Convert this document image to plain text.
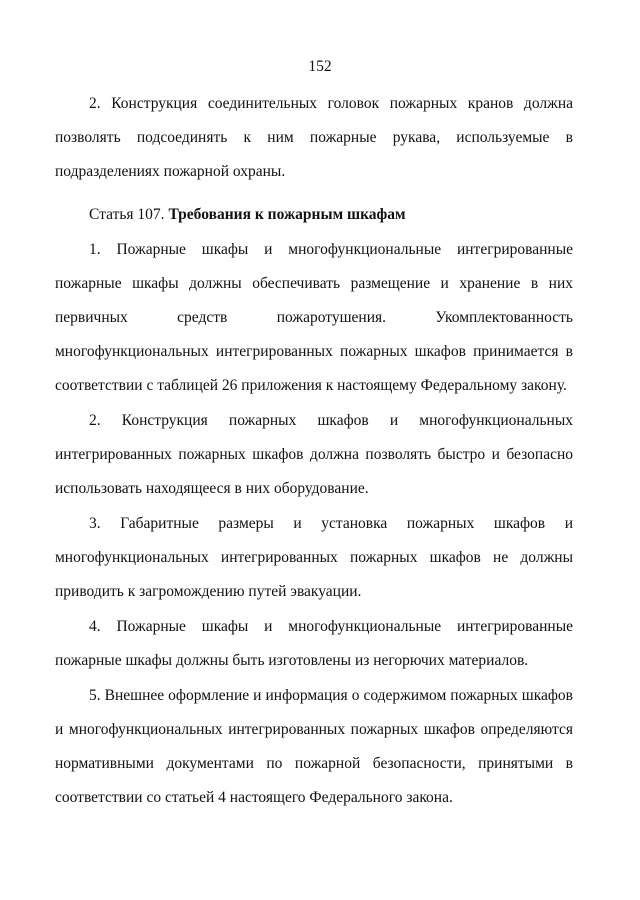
152
2. Конструкция соединительных головок пожарных кранов должна
позволять подсоединять к ним пожарные рукава, используемые в
подразделениях пожарной охраны.
Статья 107. Требования к пожарным шкафам
1. Пожарные шкафы и многофункциональные интегрированные
пожарные шкафы должны обеспечивать размещение и хранение в них
первичных средств пожаротушения. Укомплектованность
многофункциональных интегрированных пожарных шкафов принимается в
соответствии с таблицей 26 приложения к настоящему Федеральному закону.
2. Конструкция пожарных шкафов и многофункциональных
интегрированных пожарных шкафов должна позволять быстро и безопасно
использовать находящееся в них оборудование.
3. Габаритные размеры и установка пожарных шкафов и
многофункциональных интегрированных пожарных шкафов не должны
приводить к загромождению путей эвакуации.
4. Пожарные шкафы и многофункциональные интегрированные
пожарные шкафы должны быть изготовлены из негорючих материалов.
5. Внешнее оформление и информация о содержимом пожарных шкафов
и многофункциональных интегрированных пожарных шкафов определяются
нормативными документами по пожарной безопасности, принятыми в
соответствии со статьей 4 настоящего Федерального закона.
